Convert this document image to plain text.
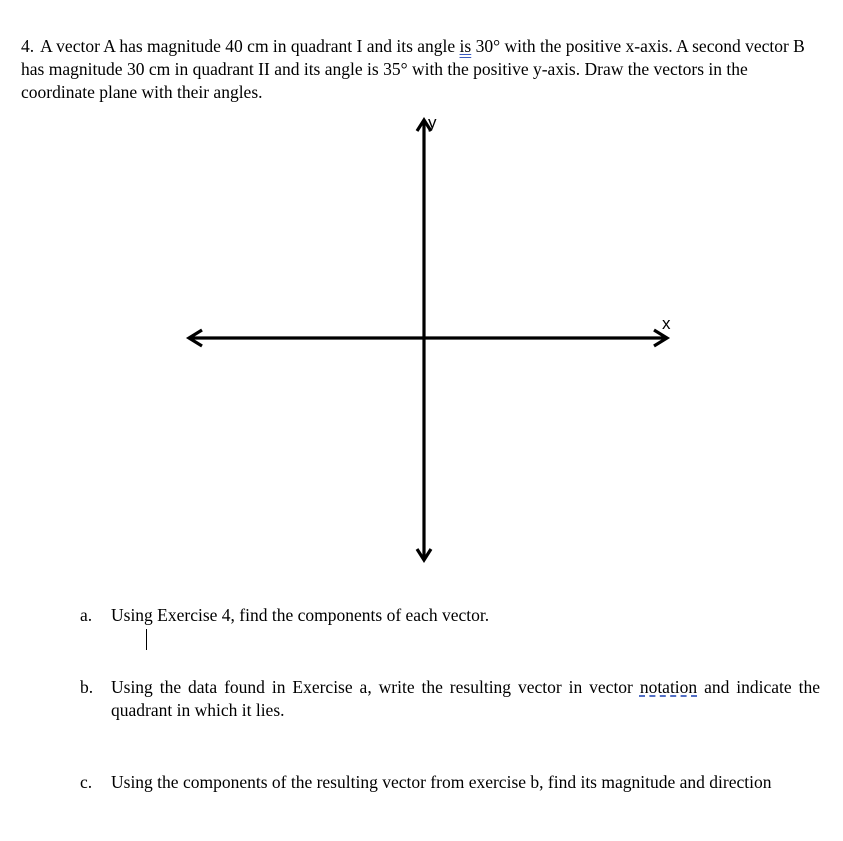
4. A vector A has magnitude 40 cm in quadrant I and its angle is 30° with the positive x-axis. A second vector B has magnitude 30 cm in quadrant II and its angle is 35° with the positive y-axis. Draw the vectors in the coordinate plane with their angles.
y
x
a.	Using Exercise 4, find the components of each vector.
b.	Using the data found in Exercise a, write the resulting vector in vector notation and indicate the quadrant in which it lies.
c.	Using the components of the resulting vector from exercise b, find its magnitude and direction
